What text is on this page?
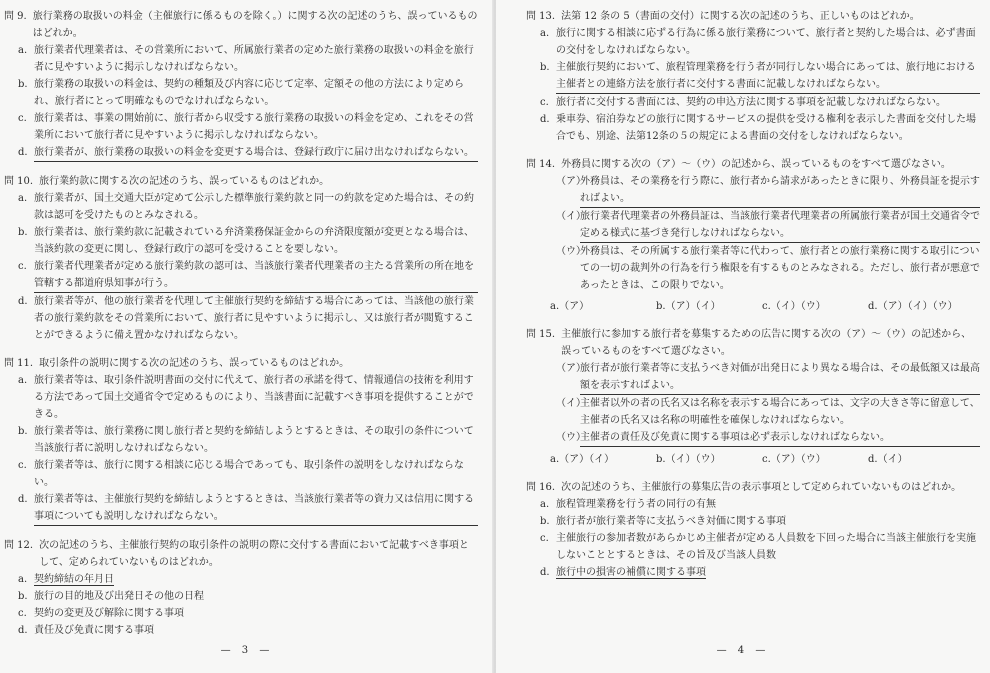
問 9. 旅行業務の取扱いの料金（主催旅行に係るものを除く。）に関する次の記述のうち、誤っているものはどれか。
a. 旅行業者代理業者は、その営業所において、所属旅行業者の定めた旅行業務の取扱いの料金を旅行者に見やすいように掲示しなければならない。
b. 旅行業務の取扱いの料金は、契約の種類及び内容に応じて定率、定額その他の方法により定められ、旅行者にとって明確なものでなければならない。
c. 旅行業者は、事業の開始前に、旅行者から収受する旅行業務の取扱いの料金を定め、これをその営業所において旅行者に見やすいように掲示しなければならない。
d. 旅行業者が、旅行業務の取扱いの料金を変更する場合は、登録行政庁に届け出なければならない。
問 10. 旅行業約款に関する次の記述のうち、誤っているものはどれか。
a. 旅行業者が、国土交通大臣が定めて公示した標準旅行業約款と同一の約款を定めた場合は、その約款は認可を受けたものとみなされる。
b. 旅行業者は、旅行業約款に記載されている弁済業務保証金からの弁済限度額が変更となる場合は、当該約款の変更に関し、登録行政庁の認可を受けることを要しない。
c. 旅行業者代理業者が定める旅行業約款の認可は、当該旅行業者代理業者の主たる営業所の所在地を管轄する都道府県知事が行う。
d. 旅行業者等が、他の旅行業者を代理して主催旅行契約を締結する場合にあっては、当該他の旅行業者の旅行業約款をその営業所において、旅行者に見やすいように掲示し、又は旅行者が閲覧することができるように備え置かなければならない。
問 11. 取引条件の説明に関する次の記述のうち、誤っているものはどれか。
a. 旅行業者等は、取引条件説明書面の交付に代えて、旅行者の承諾を得て、情報通信の技術を利用する方法であって国土交通省令で定めるものにより、当該書面に記載すべき事項を提供することができる。
b. 旅行業者等は、旅行業務に関し旅行者と契約を締結しようとするときは、その取引の条件について当該旅行者に説明しなければならない。
c. 旅行業者等は、旅行に関する相談に応じる場合であっても、取引条件の説明をしなければならない。
d. 旅行業者等は、主催旅行契約を締結しようとするときは、当該旅行業者等の資力又は信用に関する事項についても説明しなければならない。
問 12. 次の記述のうち、主催旅行契約の取引条件の説明の際に交付する書面において記載すべき事項として、定められていないものはどれか。
a. 契約締結の年月日
b. 旅行の目的地及び出発日その他の日程
c. 契約の変更及び解除に関する事項
d. 責任及び免責に関する事項
— 3 —
問 13. 法第 12 条の 5（書面の交付）に関する次の記述のうち、正しいものはどれか。
a. 旅行に関する相談に応ずる行為に係る旅行業務について、旅行者と契約した場合は、必ず書面の交付をしなければならない。
b. 主催旅行契約において、旅程管理業務を行う者が同行しない場合にあっては、旅行地における主催者との連絡方法を旅行者に交付する書面に記載しなければならない。
c. 旅行者に交付する書面には、契約の申込方法に関する事項を記載しなければならない。
d. 乗車券、宿泊券などの旅行に関するサービスの提供を受ける権利を表示した書面を交付した場合でも、別途、法第12条の５の規定による書面の交付をしなければならない。
問 14. 外務員に関する次の（ア）～（ウ）の記述から、誤っているものをすべて選びなさい。
（ア）
外務員は、その業務を行う際に、旅行者から請求があったときに限り、外務員証を提示すればよい。
（イ）
旅行業者代理業者の外務員証は、当該旅行業者代理業者の所属旅行業者が国土交通省令で定める様式に基づき発行しなければならない。
（ウ）
外務員は、その所属する旅行業者等に代わって、旅行者との旅行業務に関する取引についての一切の裁判外の行為を行う権限を有するものとみなされる。ただし、旅行者が悪意であったときは、この限りでない。
a.（ア）	b.（ア）（イ）	c.（イ）（ウ）	d.（ア）（イ）（ウ）
問 15. 主催旅行に参加する旅行者を募集するための広告に関する次の（ア）～（ウ）の記述から、誤っているものをすべて選びなさい。
（ア）
旅行者が旅行業者等に支払うべき対価が出発日により異なる場合は、その最低額又は最高額を表示すればよい。
（イ）
主催者以外の者の氏名又は名称を表示する場合にあっては、文字の大きさ等に留意して、主催者の氏名又は名称の明確性を確保しなければならない。
（ウ）
主催者の責任及び免責に関する事項は必ず表示しなければならない。
a.（ア）（イ）	b.（イ）（ウ）	c.（ア）（ウ）	d.（イ）
問 16. 次の記述のうち、主催旅行の募集広告の表示事項として定められていないものはどれか。
a. 旅程管理業務を行う者の同行の有無
b. 旅行者が旅行業者等に支払うべき対価に関する事項
c. 主催旅行の参加者数があらかじめ主催者が定める人員数を下回った場合に当該主催旅行を実施しないこととするときは、その旨及び当該人員数
d. 旅行中の損害の補償に関する事項
— 4 —
